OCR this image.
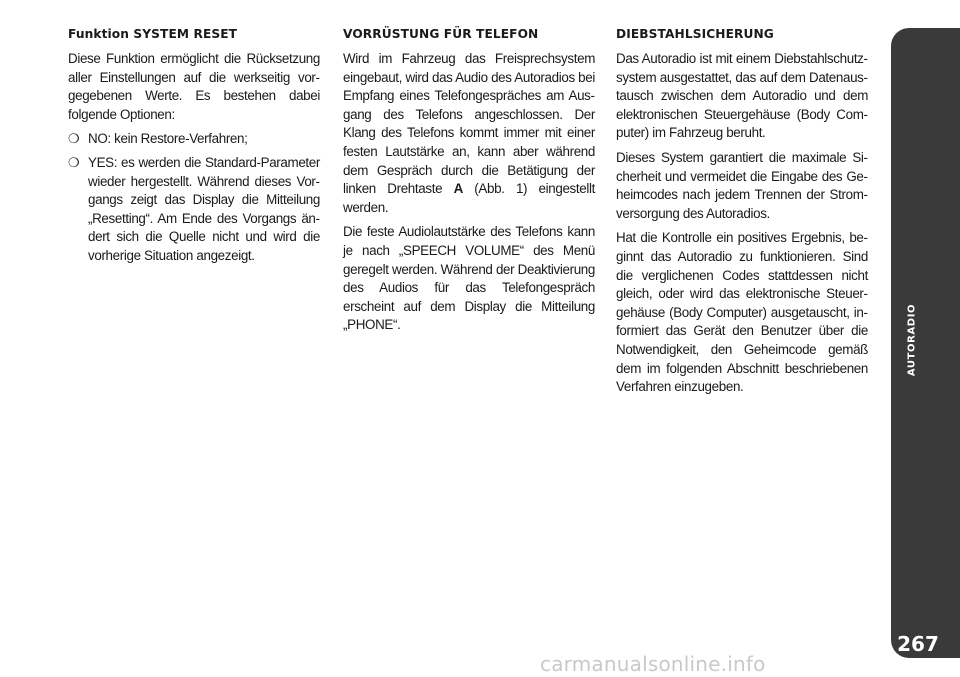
Funktion SYSTEM RESET

Diese Funktion ermöglicht die Rücksetzung aller Einstellungen auf die werkseitig vorgegebenen Werte. Es bestehen dabei folgende Optionen:

❍ NO: kein Restore-Verfahren;
❍ YES: es werden die Standard-Parameter wieder hergestellt. Während dieses Vorgangs zeigt das Display die Mitteilung „Resetting“. Am Ende des Vorgangs ändert sich die Quelle nicht und wird die vorherige Situation angezeigt.
VORRÜSTUNG FÜR TELEFON

Wird im Fahrzeug das Freisprechsystem eingebaut, wird das Audio des Autoradios bei Empfang eines Telefongespräches am Ausgang des Telefons angeschlossen. Der Klang des Telefons kommt immer mit einer festen Lautstärke an, kann aber während dem Gespräch durch die Betätigung der linken Drehtaste A (Abb. 1) eingestellt werden.

Die feste Audiolautstärke des Telefons kann je nach „SPEECH VOLUME“ des Menü geregelt werden. Während der Deaktivierung des Audios für das Telefongespräch erscheint auf dem Display die Mitteilung „PHONE“.

DIEBSTAHLSICHERUNG

Das Autoradio ist mit einem Diebstahlschutzsystem ausgestattet, das auf dem Datenaustausch zwischen dem Autoradio und dem elektronischen Steuergehäuse (Body Computer) im Fahrzeug beruht.

Dieses System garantiert die maximale Sicherheit und vermeidet die Eingabe des Geheimcodes nach jedem Trennen der Stromversorgung des Autoradios.

Hat die Kontrolle ein positives Ergebnis, beginnt das Autoradio zu funktionieren. Sind die verglichenen Codes stattdessen nicht gleich, oder wird das elektronische Steuergehäuse (Body Computer) ausgetauscht, informiert das Gerät den Benutzer über die Notwendigkeit, den Geheimcode gemäß dem im folgenden Abschnitt beschriebenen Verfahren einzugeben.

AUTORADIO
267
carmanualsonline.info
